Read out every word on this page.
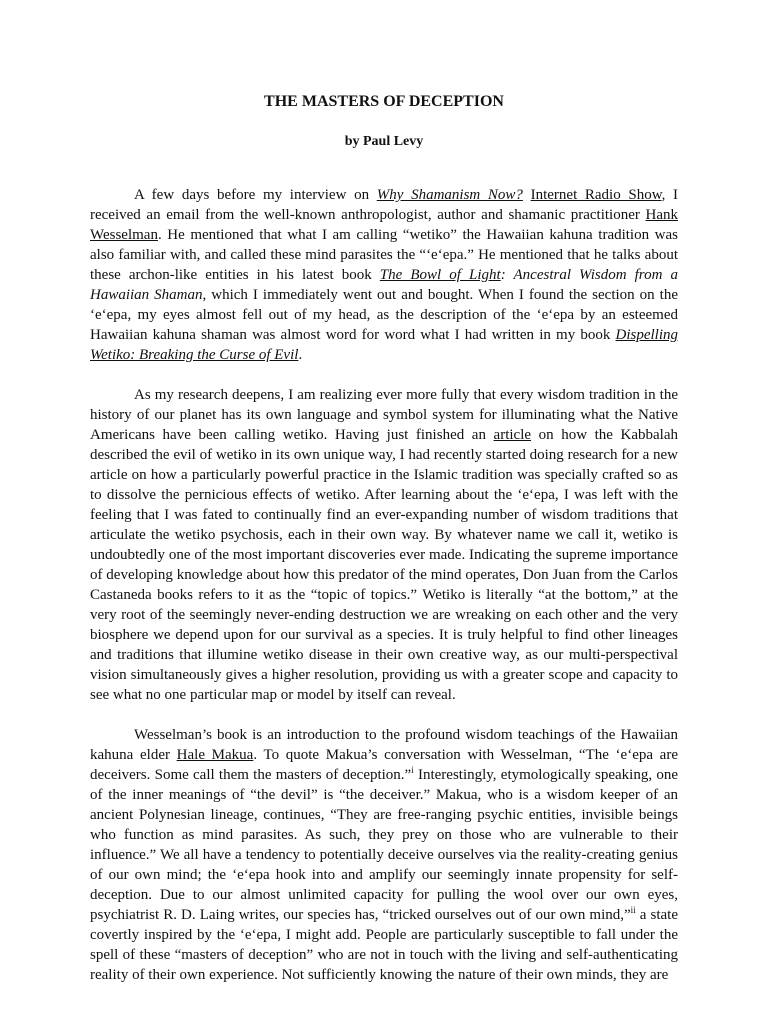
THE MASTERS OF DECEPTION

by Paul Levy

A few days before my interview on Why Shamanism Now? Internet Radio Show, I received an email from the well-known anthropologist, author and shamanic practitioner Hank Wesselman. He mentioned that what I am calling “wetiko” the Hawaiian kahuna tradition was also familiar with, and called these mind parasites the “ʻeʻepa.” He mentioned that he talks about these archon-like entities in his latest book The Bowl of Light: Ancestral Wisdom from a Hawaiian Shaman, which I immediately went out and bought. When I found the section on the ʻeʻepa, my eyes almost fell out of my head, as the description of the ʻeʻepa by an esteemed Hawaiian kahuna shaman was almost word for word what I had written in my book Dispelling Wetiko: Breaking the Curse of Evil.

As my research deepens, I am realizing ever more fully that every wisdom tradition in the history of our planet has its own language and symbol system for illuminating what the Native Americans have been calling wetiko. Having just finished an article on how the Kabbalah described the evil of wetiko in its own unique way, I had recently started doing research for a new article on how a particularly powerful practice in the Islamic tradition was specially crafted so as to dissolve the pernicious effects of wetiko. After learning about the ʻeʻepa, I was left with the feeling that I was fated to continually find an ever-expanding number of wisdom traditions that articulate the wetiko psychosis, each in their own way. By whatever name we call it, wetiko is undoubtedly one of the most important discoveries ever made. Indicating the supreme importance of developing knowledge about how this predator of the mind operates, Don Juan from the Carlos Castaneda books refers to it as the “topic of topics.” Wetiko is literally “at the bottom,” at the very root of the seemingly never-ending destruction we are wreaking on each other and the very biosphere we depend upon for our survival as a species. It is truly helpful to find other lineages and traditions that illumine wetiko disease in their own creative way, as our multi-perspectival vision simultaneously gives a higher resolution, providing us with a greater scope and capacity to see what no one particular map or model by itself can reveal.

Wesselman’s book is an introduction to the profound wisdom teachings of the Hawaiian kahuna elder Hale Makua. To quote Makua’s conversation with Wesselman, “The ʻeʻepa are deceivers. Some call them the masters of deception.”$^i$ Interestingly, etymologically speaking, one of the inner meanings of “the devil” is “the deceiver.” Makua, who is a wisdom keeper of an ancient Polynesian lineage, continues, “They are free-ranging psychic entities, invisible beings who function as mind parasites. As such, they prey on those who are vulnerable to their influence.” We all have a tendency to potentially deceive ourselves via the reality-creating genius of our own mind; the ʻeʻepa hook into and amplify our seemingly innate propensity for self-deception. Due to our almost unlimited capacity for pulling the wool over our own eyes, psychiatrist R. D. Laing writes, our species has, “tricked ourselves out of our own mind,”$^{ii}$ a state covertly inspired by the ʻeʻepa, I might add. People are particularly susceptible to fall under the spell of these “masters of deception” who are not in touch with the living and self-authenticating reality of their own experience. Not sufficiently knowing the nature of their own minds, they are
